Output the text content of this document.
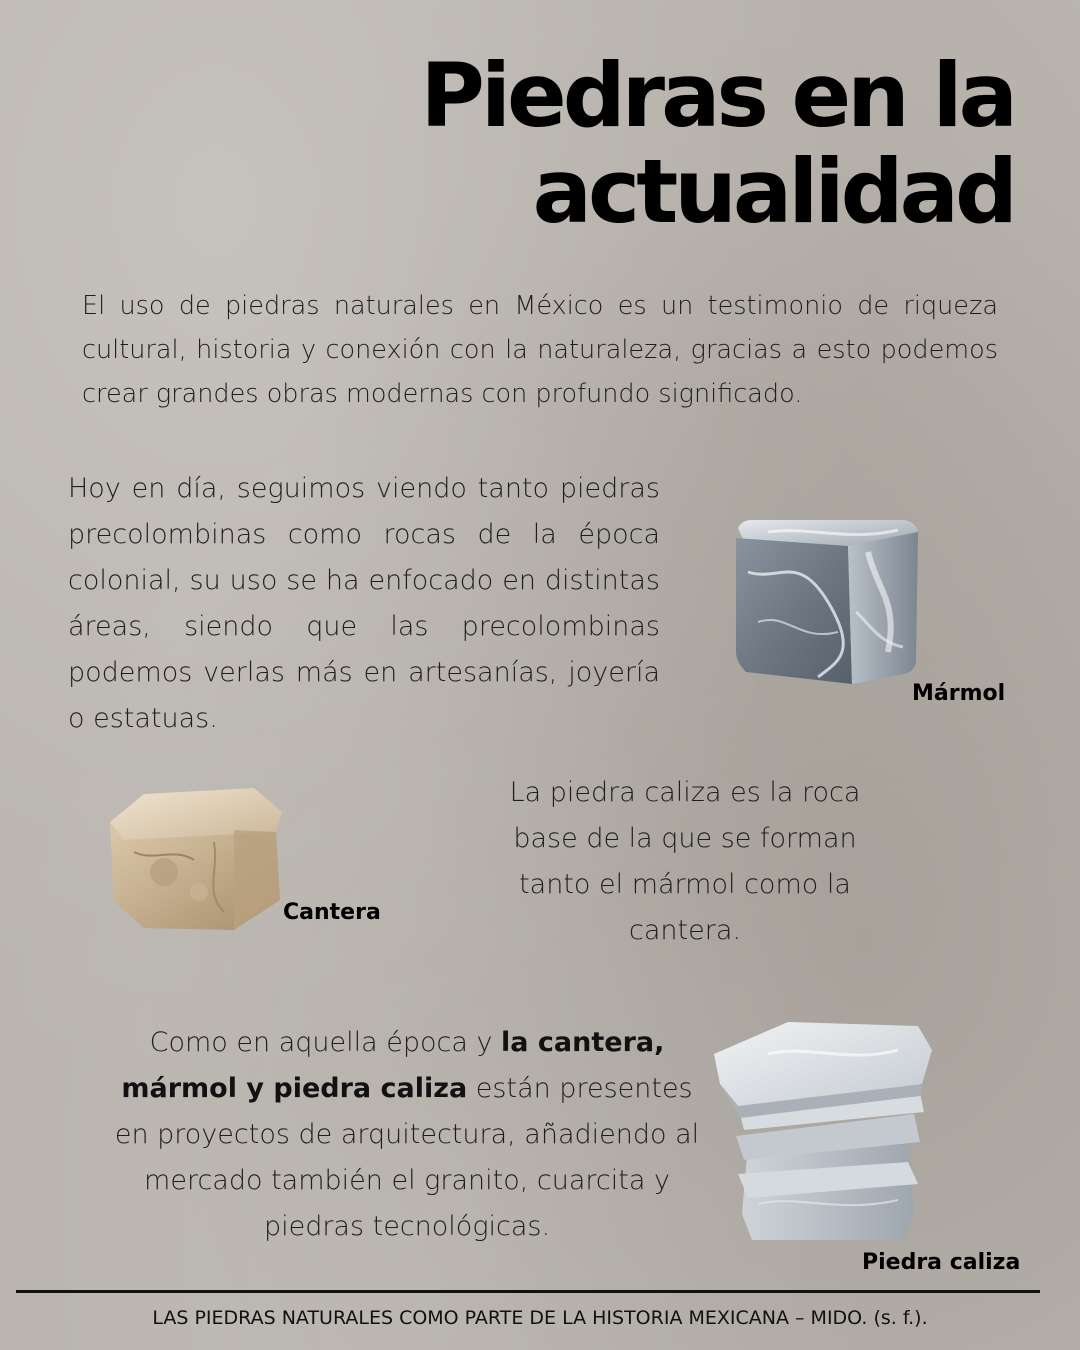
Piedras en la actualidad

El uso de piedras naturales en México es un testimonio de riqueza cultural, historia y conexión con la naturaleza, gracias a esto podemos crear grandes obras modernas con profundo significado.

Hoy en día, seguimos viendo tanto piedras precolombinas como rocas de la época colonial, su uso se ha enfocado en distintas áreas, siendo que las precolombinas podemos verlas más en artesanías, joyería o estatuas.

Mármol
Cantera

La piedra caliza es la roca base de la que se forman tanto el mármol como la cantera.

Como en aquella época y la cantera, mármol y piedra caliza están presentes en proyectos de arquitectura, añadiendo al mercado también el granito, cuarcita y piedras tecnológicas.

Piedra caliza
LAS PIEDRAS NATURALES COMO PARTE DE LA HISTORIA MEXICANA – MIDO. (s. f.).
